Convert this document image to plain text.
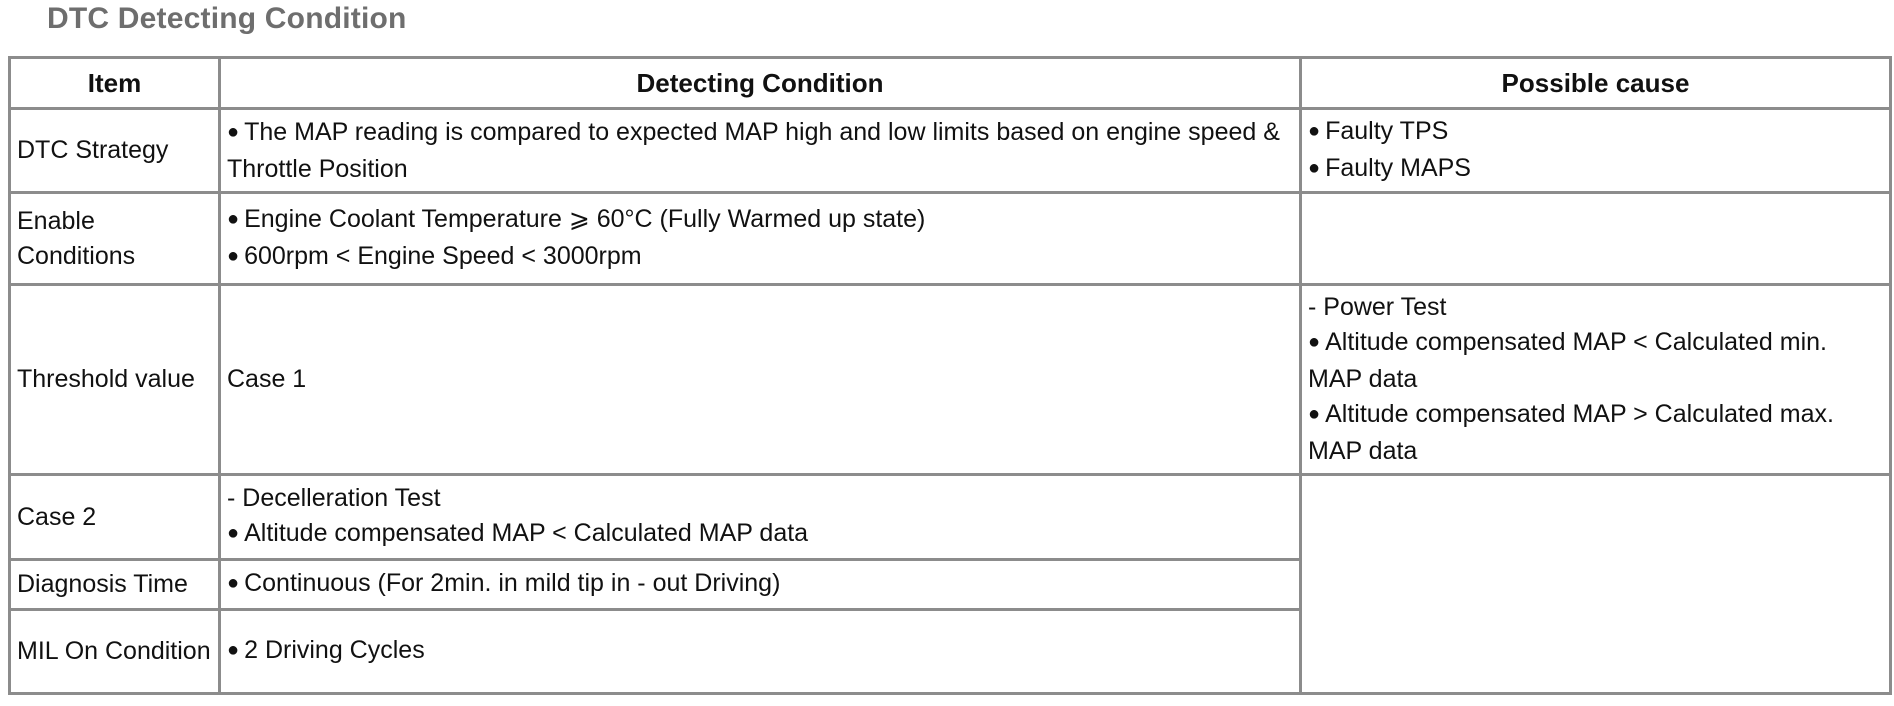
DTC Detecting Condition
Item	Detecting Condition	Possible cause
DTC Strategy	● The MAP reading is compared to expected MAP high and low limits based on engine speed & Throttle Position	● Faulty TPS
● Faulty MAPS

Enable Conditions	● Engine Coolant Temperature ⩾ 60°C (Fully Warmed up state)
● 600rpm < Engine Speed < 3000rpm	

Threshold value	Case 1	- Power Test
● Altitude compensated MAP < Calculated min. MAP data
● Altitude compensated MAP > Calculated max. MAP data

Case 2	- Decelleration Test
● Altitude compensated MAP < Calculated MAP data	

Diagnosis Time	● Continuous (For 2min. in mild tip in - out Driving)	

MIL On Condition	● 2 Driving Cycles	
